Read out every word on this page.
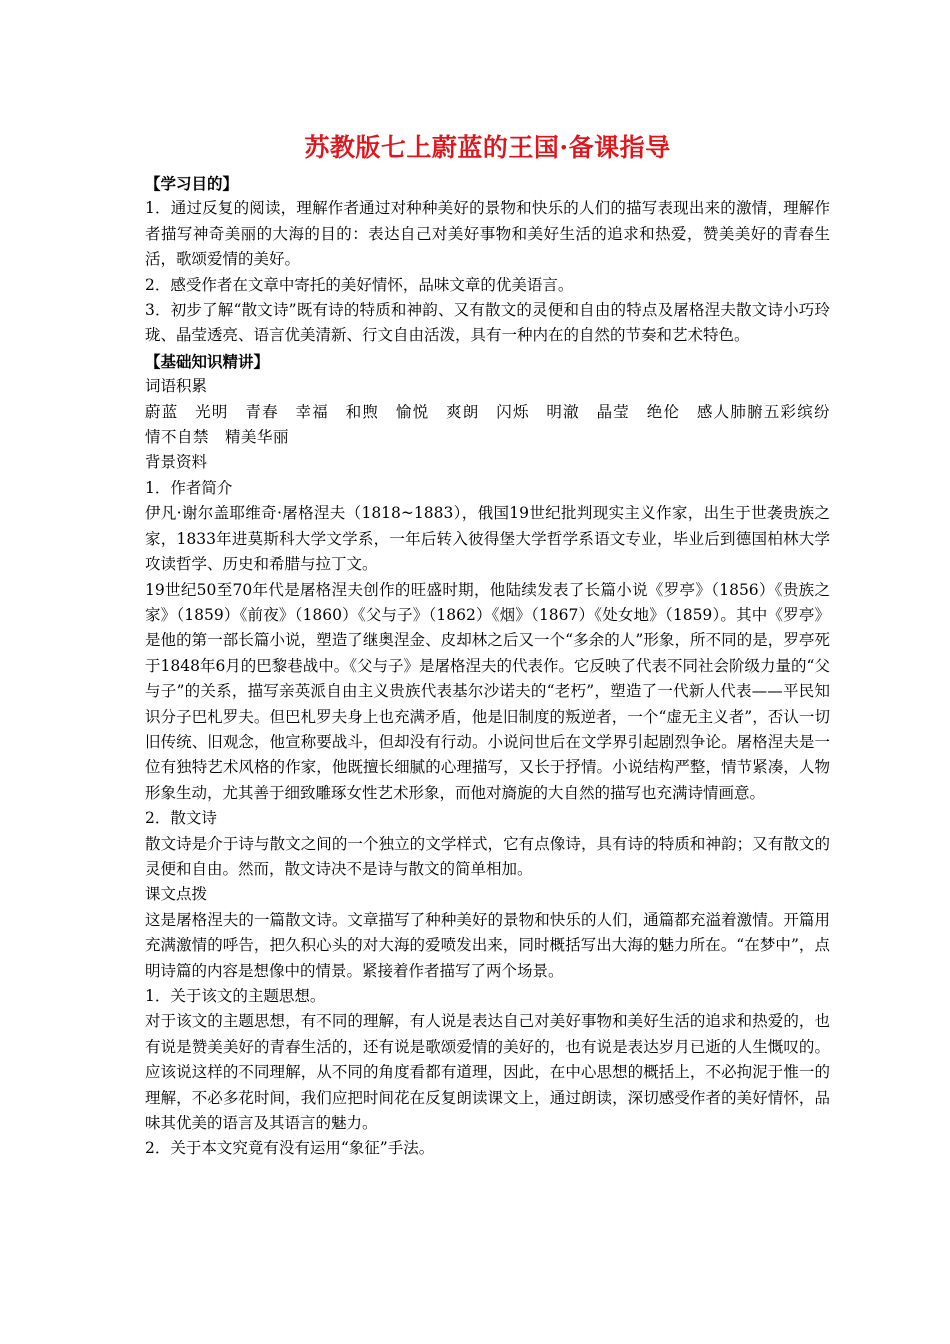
苏教版七上蔚蓝的王国·备课指导

【学习目的】

1．通过反复的阅读，理解作者通过对种种美好的景物和快乐的人们的描写表现出来的激情，理解作者描写神奇美丽的大海的目的：表达自己对美好事物和美好生活的追求和热爱，赞美美好的青春生活，歌颂爱情的美好。

2．感受作者在文章中寄托的美好情怀，品味文章的优美语言。

3．初步了解“散文诗”既有诗的特质和神韵、又有散文的灵便和自由的特点及屠格涅夫散文诗小巧玲珑、晶莹透亮、语言优美清新、行文自由活泼，具有一种内在的自然的节奏和艺术特色。

【基础知识精讲】

词语积累

蔚蓝　光明　青春　幸福　和煦　愉悦　爽朗　闪烁　明澈　晶莹　绝伦　感人肺腑五彩缤纷　情不自禁　精美华丽

背景资料

1．作者简介

伊凡·谢尔盖耶维奇·屠格涅夫（1818~1883），俄国19世纪批判现实主义作家，出生于世袭贵族之家，1833年进莫斯科大学文学系，一年后转入彼得堡大学哲学系语文专业，毕业后到德国柏林大学攻读哲学、历史和希腊与拉丁文。

19世纪50至70年代是屠格涅夫创作的旺盛时期，他陆续发表了长篇小说《罗亭》（1856）《贵族之家》（1859）《前夜》（1860）《父与子》（1862）《烟》（1867）《处女地》（1859）。其中《罗亭》是他的第一部长篇小说，塑造了继奥涅金、皮却林之后又一个“多余的人”形象，所不同的是，罗亭死于1848年6月的巴黎巷战中。《父与子》是屠格涅夫的代表作。它反映了代表不同社会阶级力量的“父与子”的关系，描写亲英派自由主义贵族代表基尔沙诺夫的“老朽”，塑造了一代新人代表——平民知识分子巴札罗夫。但巴札罗夫身上也充满矛盾，他是旧制度的叛逆者，一个“虚无主义者”，否认一切旧传统、旧观念，他宣称要战斗，但却没有行动。小说问世后在文学界引起剧烈争论。屠格涅夫是一位有独特艺术风格的作家，他既擅长细腻的心理描写，又长于抒情。小说结构严整，情节紧凑，人物形象生动，尤其善于细致雕琢女性艺术形象，而他对旖旎的大自然的描写也充满诗情画意。

2．散文诗

散文诗是介于诗与散文之间的一个独立的文学样式，它有点像诗，具有诗的特质和神韵；又有散文的灵便和自由。然而，散文诗决不是诗与散文的简单相加。

课文点拨

这是屠格涅夫的一篇散文诗。文章描写了种种美好的景物和快乐的人们，通篇都充溢着激情。开篇用充满激情的呼告，把久积心头的对大海的爱喷发出来，同时概括写出大海的魅力所在。“在梦中”，点明诗篇的内容是想像中的情景。紧接着作者描写了两个场景。

1．关于该文的主题思想。

对于该文的主题思想，有不同的理解，有人说是表达自己对美好事物和美好生活的追求和热爱的，也有说是赞美美好的青春生活的，还有说是歌颂爱情的美好的，也有说是表达岁月已逝的人生慨叹的。应该说这样的不同理解，从不同的角度看都有道理，因此，在中心思想的概括上，不必拘泥于惟一的理解，不必多花时间，我们应把时间花在反复朗读课文上，通过朗读，深切感受作者的美好情怀，品味其优美的语言及其语言的魅力。

2．关于本文究竟有没有运用“象征”手法。
